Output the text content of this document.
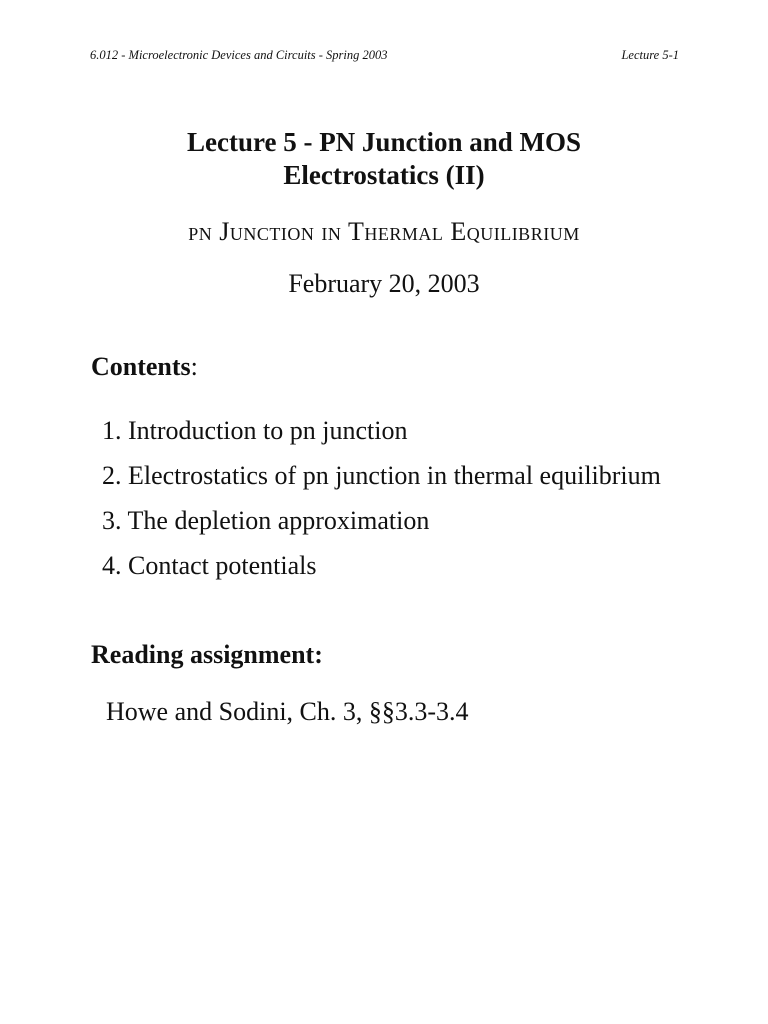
6.012 - Microelectronic Devices and Circuits - Spring 2003	Lecture 5-1
Lecture 5 - PN Junction and MOS
Electrostatics (II)
pn Junction in Thermal Equilibrium
February 20, 2003
Contents:
1. Introduction to pn junction
2. Electrostatics of pn junction in thermal equilibrium
3. The depletion approximation
4. Contact potentials
Reading assignment:
Howe and Sodini, Ch. 3, §§3.3-3.4
